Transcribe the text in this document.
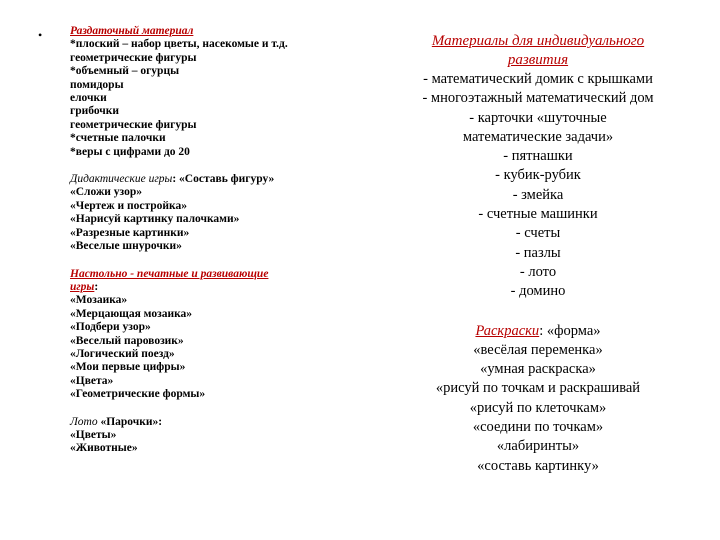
• Раздаточный материал
*плоский – набор цветы, насекомые и т.д.
геометрические фигуры
*объемный – огурцы
помидоры
елочки
грибочки
геометрические фигуры
*счетные палочки
*веры с цифрами до 20
Дидактические игры: «Составь фигуру»
«Сложи узор»
«Чертеж и постройка»
«Нарисуй картинку палочками»
«Разрезные картинки»
«Веселые шнурочки»
Настольно - печатные и развивающие
игры:
«Мозаика»
«Мерцающая мозаика»
«Подбери узор»
«Веселый паровозик»
«Логический поезд»
«Мои первые цифры»
«Цвета»
«Геометрические формы»
Лото «Парочки»:
«Цветы»
«Животные»
Материалы для индивидуального
развития
- математический домик с крышками
- многоэтажный математический дом
- карточки «шуточные
математические задачи»
- пятнашки
- кубик-рубик
- змейка
- счетные машинки
- счеты
- пазлы
- лото
- домино
Раскраски: «форма»
«весёлая переменка»
«умная раскраска»
«рисуй по точкам и раскрашивай
«рисуй по клеточкам»
«соедини по точкам»
«лабиринты»
«составь картинку»
